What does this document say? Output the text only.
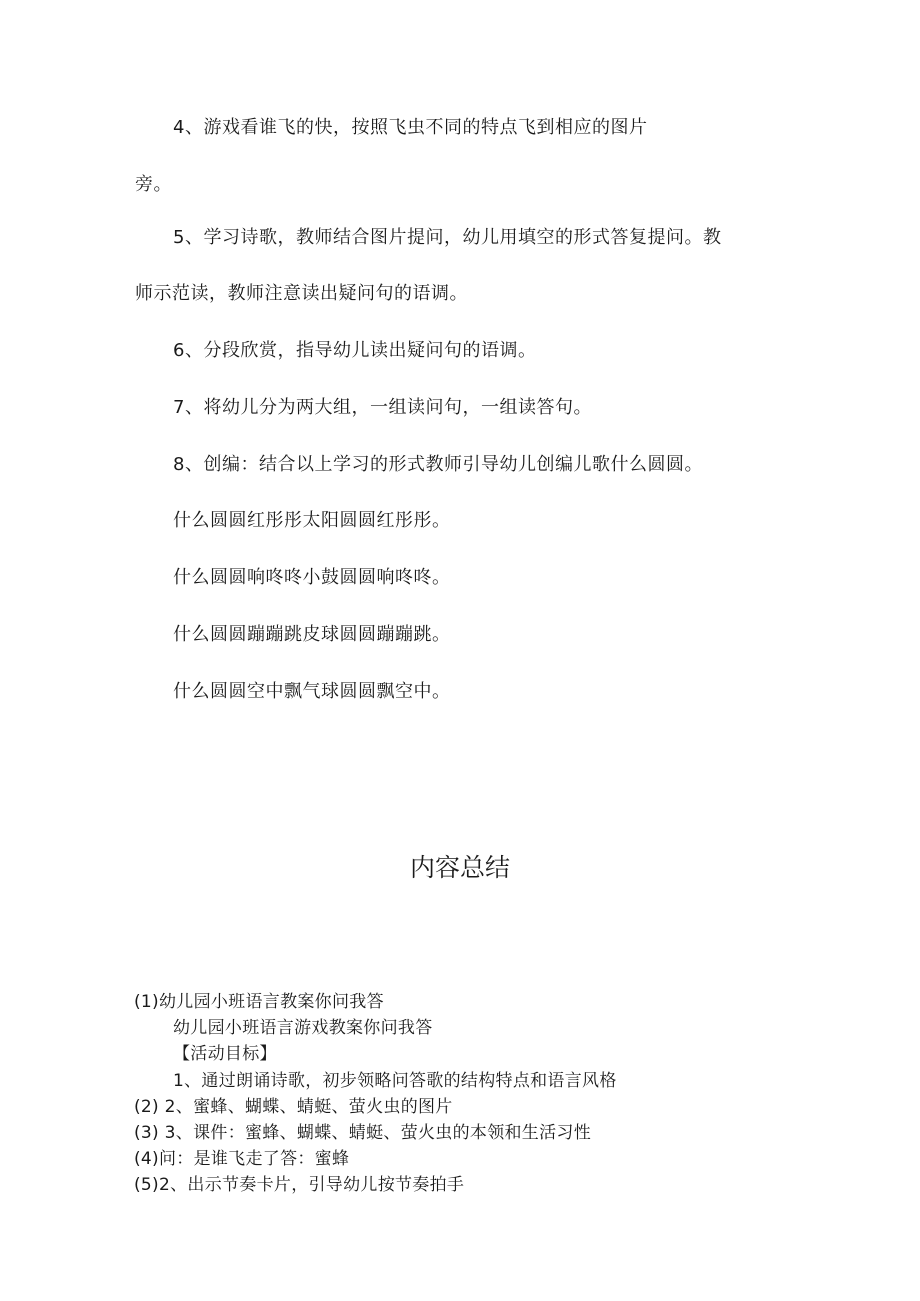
4、游戏看谁飞的快，按照飞虫不同的特点飞到相应的图片
旁。
5、学习诗歌，教师结合图片提问，幼儿用填空的形式答复提问。教
师示范读，教师注意读出疑问句的语调。
6、分段欣赏，指导幼儿读出疑问句的语调。
7、将幼儿分为两大组，一组读问句，一组读答句。
8、创编：结合以上学习的形式教师引导幼儿创编儿歌什么圆圆。
什么圆圆红彤彤太阳圆圆红彤彤。
什么圆圆响咚咚小鼓圆圆响咚咚。
什么圆圆蹦蹦跳皮球圆圆蹦蹦跳。
什么圆圆空中飘气球圆圆飘空中。
内容总结
(1)幼儿园小班语言教案你问我答
幼儿园小班语言游戏教案你问我答
【活动目标】
1、通过朗诵诗歌，初步领略问答歌的结构特点和语言风格
(2) 2、蜜蜂、蝴蝶、蜻蜓、萤火虫的图片
(3) 3、课件：蜜蜂、蝴蝶、蜻蜓、萤火虫的本领和生活习性
(4)问：是谁飞走了答：蜜蜂
(5)2、出示节奏卡片，引导幼儿按节奏拍手
